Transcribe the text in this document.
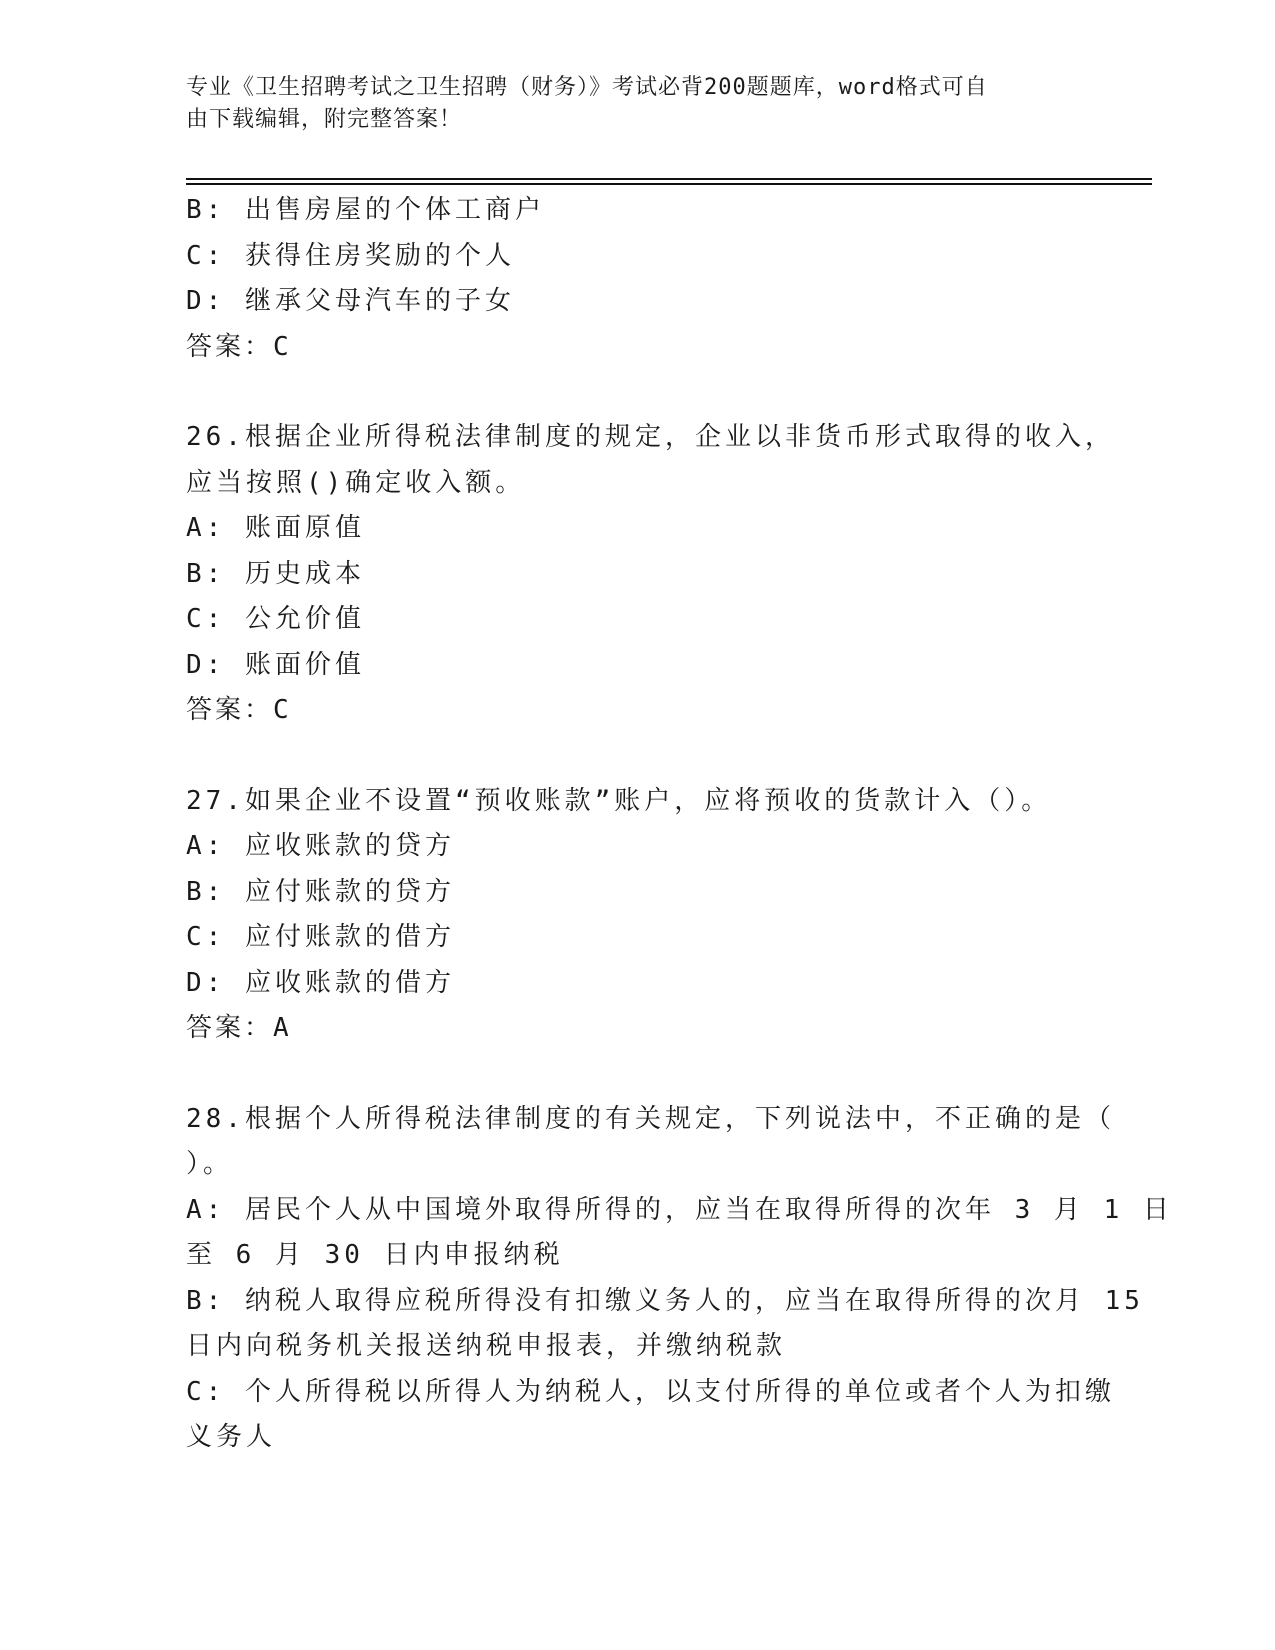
专业《卫生招聘考试之卫生招聘（财务）》考试必背200题题库，word格式可自
由下载编辑，附完整答案！
B: 出售房屋的个体工商户
C: 获得住房奖励的个人
D: 继承父母汽车的子女
答案：C
26.根据企业所得税法律制度的规定，企业以非货币形式取得的收入，
应当按照()确定收入额。
A: 账面原值
B: 历史成本
C: 公允价值
D: 账面价值
答案：C
27.如果企业不设置“预收账款”账户，应将预收的货款计入（）。
A: 应收账款的贷方
B: 应付账款的贷方
C: 应付账款的借方
D: 应收账款的借方
答案：A
28.根据个人所得税法律制度的有关规定，下列说法中，不正确的是（
）。
A: 居民个人从中国境外取得所得的，应当在取得所得的次年 3 月 1 日
至 6 月 30 日内申报纳税
B: 纳税人取得应税所得没有扣缴义务人的，应当在取得所得的次月 15
日内向税务机关报送纳税申报表，并缴纳税款
C: 个人所得税以所得人为纳税人，以支付所得的单位或者个人为扣缴
义务人
